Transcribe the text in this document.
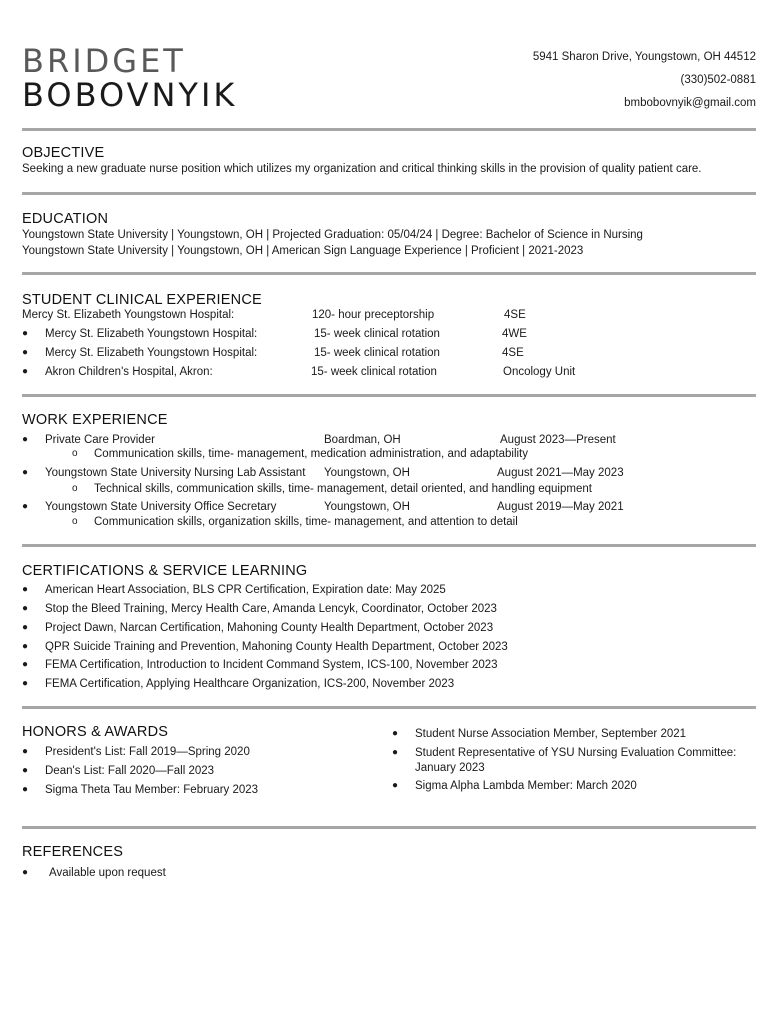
BRIDGET
BOBOVNYIK
5941 Sharon Drive, Youngstown, OH 44512
(330)502-0881
bmbobovnyik@gmail.com
OBJECTIVE
Seeking a new graduate nurse position which utilizes my organization and critical thinking skills in the provision of quality patient care.
EDUCATION
Youngstown State University | Youngstown, OH | Projected Graduation: 05/04/24 | Degree: Bachelor of Science in Nursing
Youngstown State University | Youngstown, OH | American Sign Language Experience | Proficient | 2021-2023
STUDENT CLINICAL EXPERIENCE
Mercy St. Elizabeth Youngstown Hospital:	120- hour preceptorship	4SE
● Mercy St. Elizabeth Youngstown Hospital:	15- week clinical rotation	4WE
● Mercy St. Elizabeth Youngstown Hospital:	15- week clinical rotation	4SE
● Akron Children's Hospital, Akron:	15- week clinical rotation	Oncology Unit
WORK EXPERIENCE
● Private Care Provider	Boardman, OH	August 2023—Present
o Communication skills, time- management, medication administration, and adaptability
● Youngstown State University Nursing Lab Assistant Youngstown, OH	August 2021—May 2023
o Technical skills, communication skills, time- management, detail oriented, and handling equipment
● Youngstown State University Office Secretary	Youngstown, OH	August 2019—May 2021
o Communication skills, organization skills, time- management, and attention to detail
CERTIFICATIONS & SERVICE LEARNING
● American Heart Association, BLS CPR Certification, Expiration date: May 2025
● Stop the Bleed Training, Mercy Health Care, Amanda Lencyk, Coordinator, October 2023
● Project Dawn, Narcan Certification, Mahoning County Health Department, October 2023
● QPR Suicide Training and Prevention, Mahoning County Health Department, October 2023
● FEMA Certification, Introduction to Incident Command System, ICS-100, November 2023
● FEMA Certification, Applying Healthcare Organization, ICS-200, November 2023
HONORS & AWARDS
● President's List: Fall 2019—Spring 2020
● Dean's List: Fall 2020—Fall 2023
● Sigma Theta Tau Member: February 2023
● Student Nurse Association Member, September 2021
● Student Representative of YSU Nursing Evaluation Committee:
January 2023
● Sigma Alpha Lambda Member: March 2020
REFERENCES
● Available upon request
